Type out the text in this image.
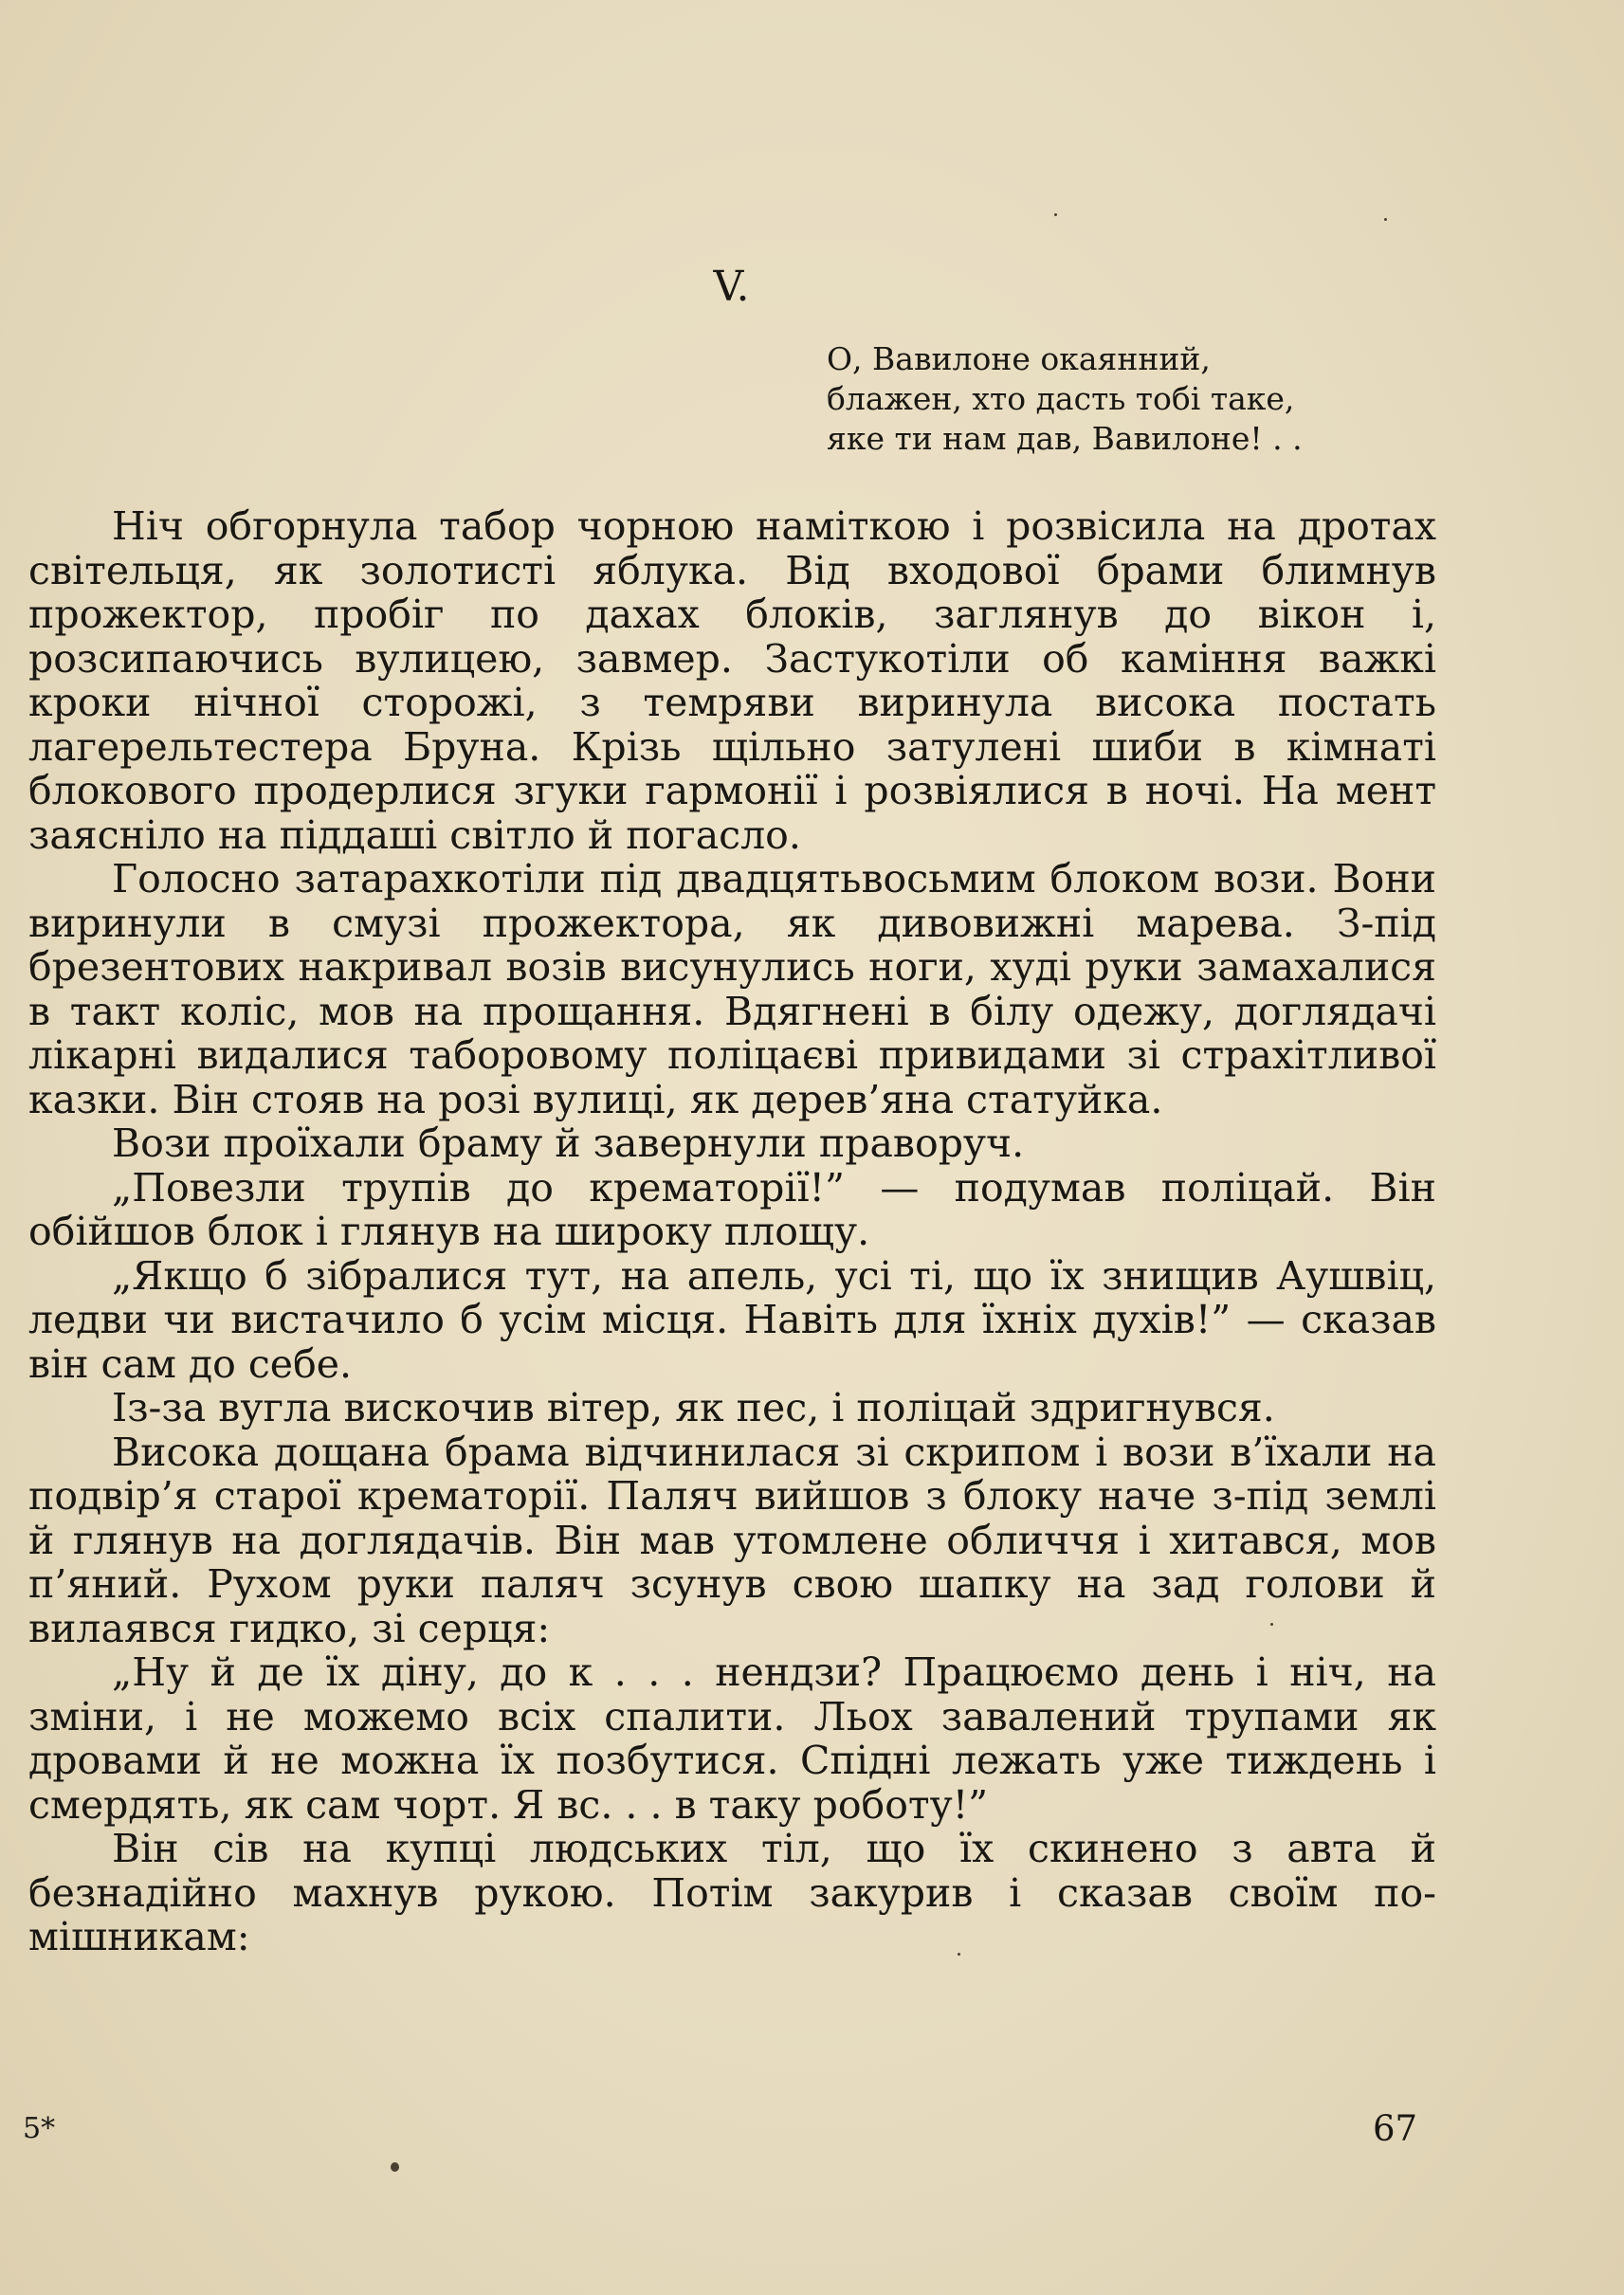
V.
О, Вавилоне окаянний,
блажен, хто дасть тобі таке,
яке ти нам дав, Вавилоне! . .

Ніч обгорнула табор чорною наміткою і розвісила на дротах світельця, як золотисті яблука. Від входової брами блимнув прожектор, пробіг по дахах блоків, заглянув до вікон і, розсипаючись вулицею, завмер. Застукотіли об каміння важкі кроки нічної сторожі, з темряви виринула висока постать лагерельтестера Бруна. Крізь щільно затулені шиби в кімнаті блокового продерлися згуки гармонії і розвіялися в ночі. На мент заясніло на піддаші світло й погасло.

Голосно затарахкотіли під двадцятьвосьмим блоком вози. Вони виринули в смузі прожектора, як дивовижні марева. З-під брезентових накривал возів висунулись ноги, худі руки замахалися в такт коліс, мов на прощання. Вдягнені в білу одежу, доглядачі лікарні видалися таборовому поліцаєві привидами зі страхітливої казки. Він стояв на розі вулиці, як дерев’яна статуйка.

Вози проїхали браму й завернули праворуч.

„Повезли трупів до крематорії!” — подумав поліцай. Він обійшов блок і глянув на широку площу.

„Якщо б зібралися тут, на апель, усі ті, що їх знищив Аушвіц, ледви чи вистачило б усім місця. Навіть для їхніх духів!” — сказав він сам до себе.

Із-за вугла вискочив вітер, як пес, і поліцай здригнувся.

Висока дощана брама відчинилася зі скрипом і вози в’їхали на подвір’я старої крематорії. Паляч вийшов з блоку наче з-під землі й глянув на доглядачів. Він мав утомлене обличчя і хитався, мов п’яний. Рухом руки паляч зсунув свою шапку на зад голови й вилаявся гидко, зі серця:

„Ну й де їх діну, до к . . . нендзи? Працюємо день і ніч, на зміни, і не можемо всіх спалити. Льох завалений трупами як дровами й не можна їх позбутися. Спідні лежать уже тиждень і смердять, як сам чорт. Я вс. . . в таку роботу!”

Він сів на купці людських тіл, що їх скинено з авта й безнадійно махнув рукою. Потім закурив і сказав своїм помішникам:

5*	67
